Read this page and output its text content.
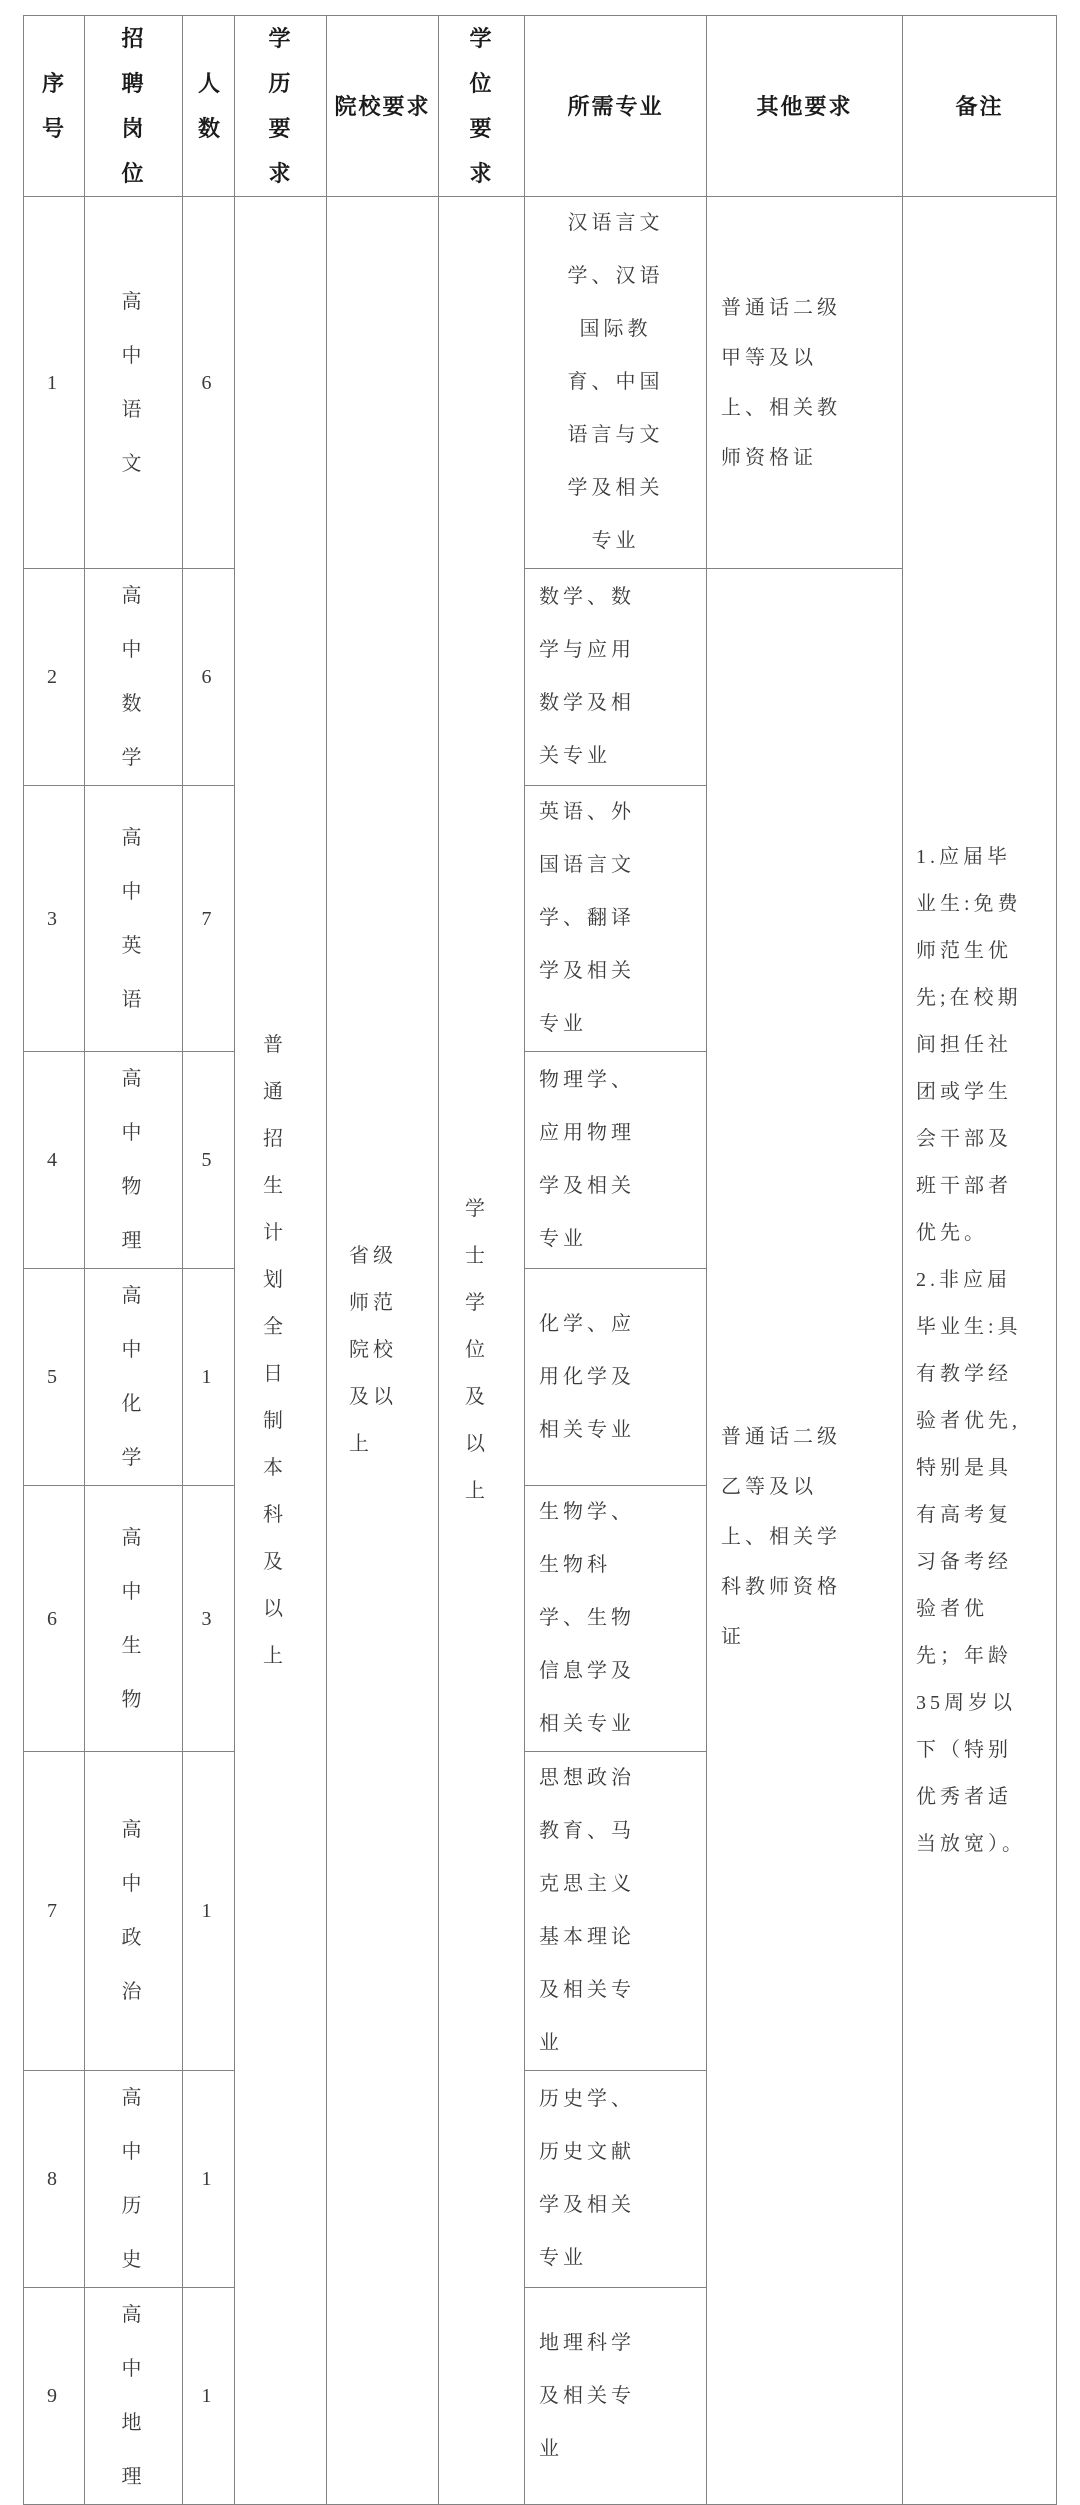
序号	招聘岗位	人数	学历要求	院校要求	学位要求	所需专业	其他要求	备注
1	高中语文	6	普通招生计划全日制本科及以上	省级师范院校及以上	学士学位及以上	汉语言文学、汉语国际教育、中国语言与文学及相关专业	普通话二级甲等及以上、相关教师资格证	1.应届毕业生:免费师范生优先;在校期间担任社团或学生会干部及班干部者优先。
2.非应届毕业生:具有教学经验者优先,特别是具有高考复习备考经验者优先；年龄35周岁以下（特别优秀者适当放宽）。

2	高中数学	6				数学、数学与应用数学及相关专业	普通话二级乙等及以上、相关学科教师资格证	
3	高中英语	7				英语、外国语言文学、翻译学及相关专业		
4	高中物理	5				物理学、应用物理学及相关专业		
5	高中化学	1				化学、应用化学及相关专业		
6	高中生物	3				生物学、生物科学、生物信息学及相关专业		
7	高中政治	1				思想政治教育、马克思主义基本理论及相关专业		
8	高中历史	1				历史学、历史文献学及相关专业		
9	高中地理	1				地理科学及相关专业		
